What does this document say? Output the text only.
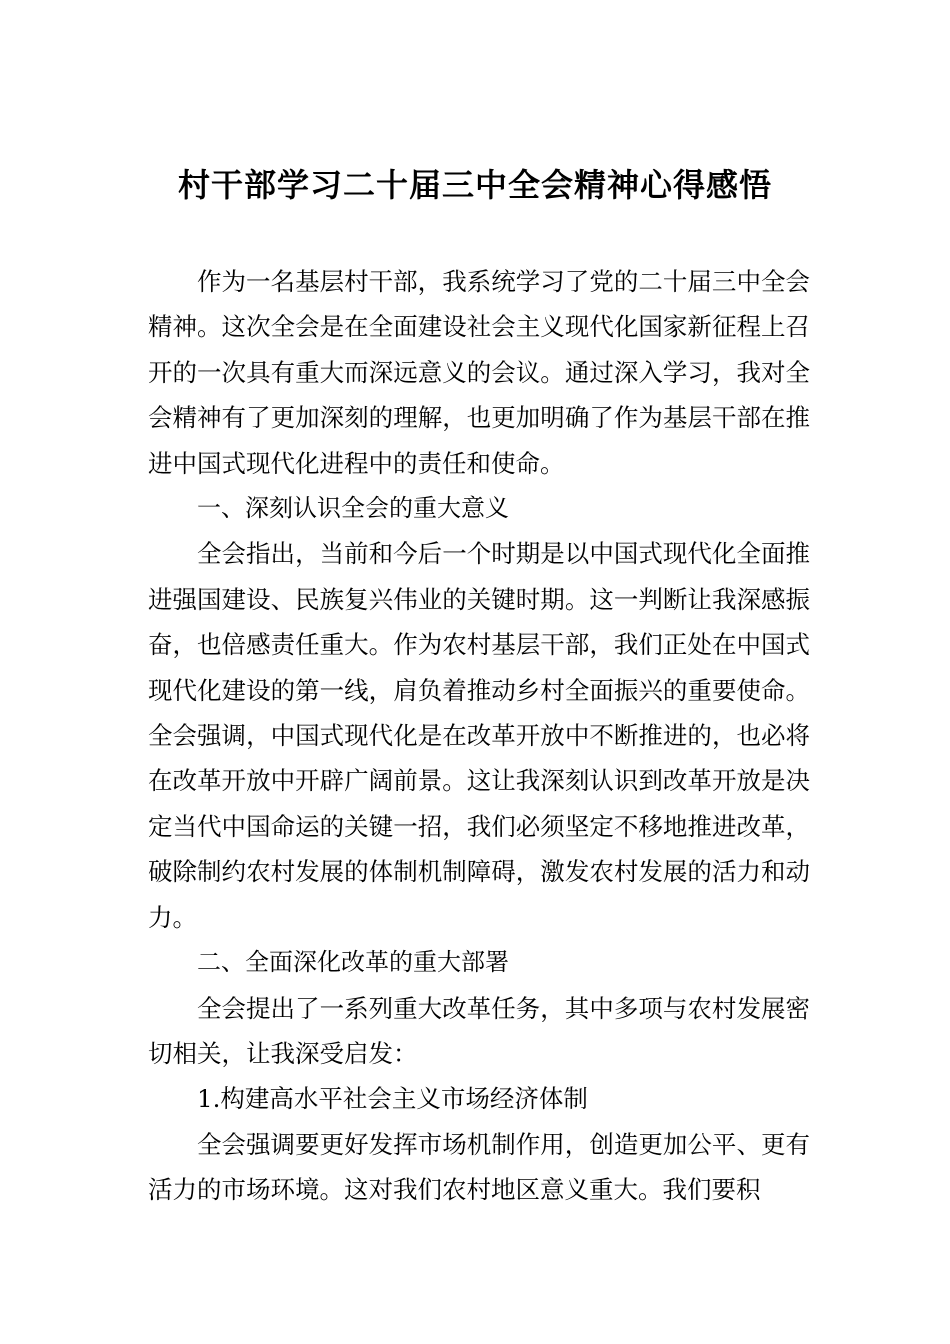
村干部学习二十届三中全会精神心得感悟

作为一名基层村干部，我系统学习了党的二十届三中全会精神。这次全会是在全面建设社会主义现代化国家新征程上召开的一次具有重大而深远意义的会议。通过深入学习，我对全会精神有了更加深刻的理解，也更加明确了作为基层干部在推进中国式现代化进程中的责任和使命。

一、深刻认识全会的重大意义

全会指出，当前和今后一个时期是以中国式现代化全面推进强国建设、民族复兴伟业的关键时期。这一判断让我深感振奋，也倍感责任重大。作为农村基层干部，我们正处在中国式现代化建设的第一线，肩负着推动乡村全面振兴的重要使命。全会强调，中国式现代化是在改革开放中不断推进的，也必将在改革开放中开辟广阔前景。这让我深刻认识到改革开放是决定当代中国命运的关键一招，我们必须坚定不移地推进改革，破除制约农村发展的体制机制障碍，激发农村发展的活力和动力。

二、全面深化改革的重大部署

全会提出了一系列重大改革任务，其中多项与农村发展密切相关，让我深受启发：

1.构建高水平社会主义市场经济体制

全会强调要更好发挥市场机制作用，创造更加公平、更有活力的市场环境。这对我们农村地区意义重大。我们要积
